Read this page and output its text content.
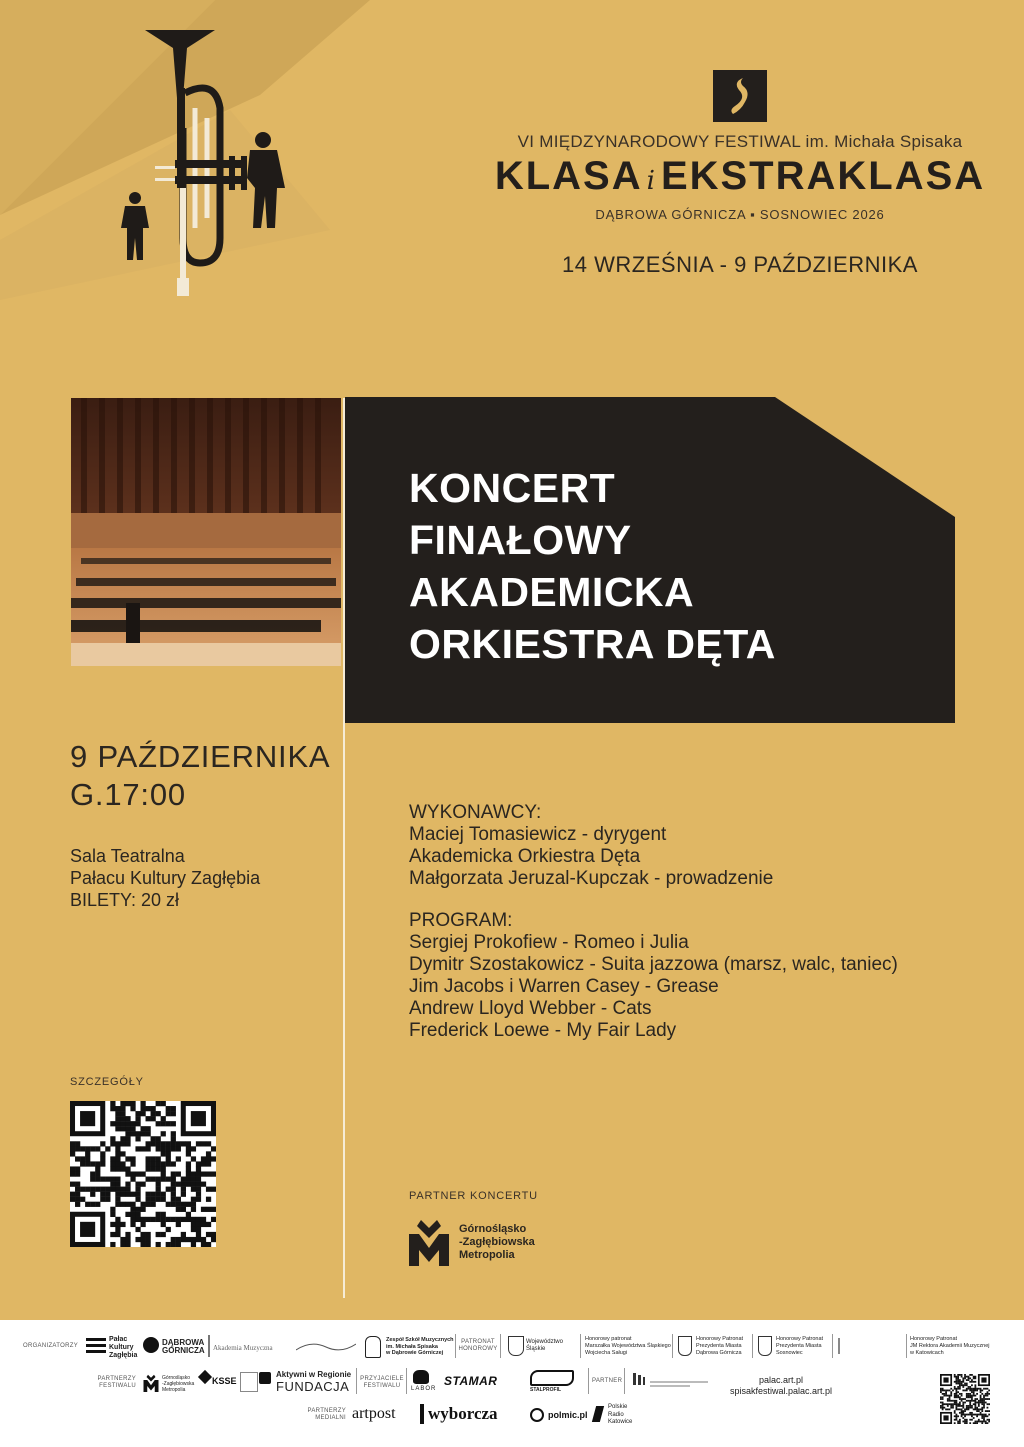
VI MIĘDZYNARODOWY FESTIWAL im. Michała Spisaka
KLASA i EKSTRAKLASA
DĄBROWA GÓRNICZA ▪ SOSNOWIEC 2026
14 WRZEŚNIA - 9 PAŹDZIERNIKA
KONCERT
FINAŁOWY
AKADEMICKA
ORKIESTRA DĘTA
9 PAŹDZIERNIKA
G.17:00
Sala Teatralna
Pałacu Kultury Zagłębia
BILETY: 20 zł
WYKONAWCY:
Maciej Tomasiewicz - dyrygent
Akademicka Orkiestra Dęta
Małgorzata Jeruzal-Kupczak - prowadzenie
PROGRAM:
Sergiej Prokofiew - Romeo i Julia
Dymitr Szostakowicz - Suita jazzowa (marsz, walc, taniec)
Jim Jacobs i Warren Casey - Grease
Andrew Lloyd Webber - Cats
Frederick Loewe - My Fair Lady
SZCZEGÓŁY
PARTNER KONCERTU
Górnośląsko
-Zagłębiowska
Metropolia
ORGANIZATORZY
Pałac
Kultury
Zagłębia
DĄBROWA
GÓRNICZA Akademia Muzyczna
Zespół Szkół Muzycznych
im. Michała Spisaka
w Dąbrowie Górniczej
PATRONAT
HONOROWY
Województwo
Śląskie
Honorowy patronat
Marszałka Województwa Śląskiego
Wojciecha Saługi
Honorowy Patronat
Prezydenta Miasta
Dąbrowa Górnicza
Honorowy Patronat
Prezydenta Miasta
Sosnowiec
Honorowy Patronat
JM Rektora Akademii Muzycznej
w Katowicach
PARTNERZY
FESTIWALU
Górnośląsko
-Zagłębiowska
Metropolia
KSSE
Aktywni w Regionie
FUNDACJA PRZYJACIELE
FESTIWALU	LABOR
STAMAR
STALPROFIL
PARTNER	palac.art.pl
spisakfestiwal.palac.art.pl
PARTNERZY
MEDIALNI artpost wyborcza	polmic.pl
Polskie
Radio
Katowice
